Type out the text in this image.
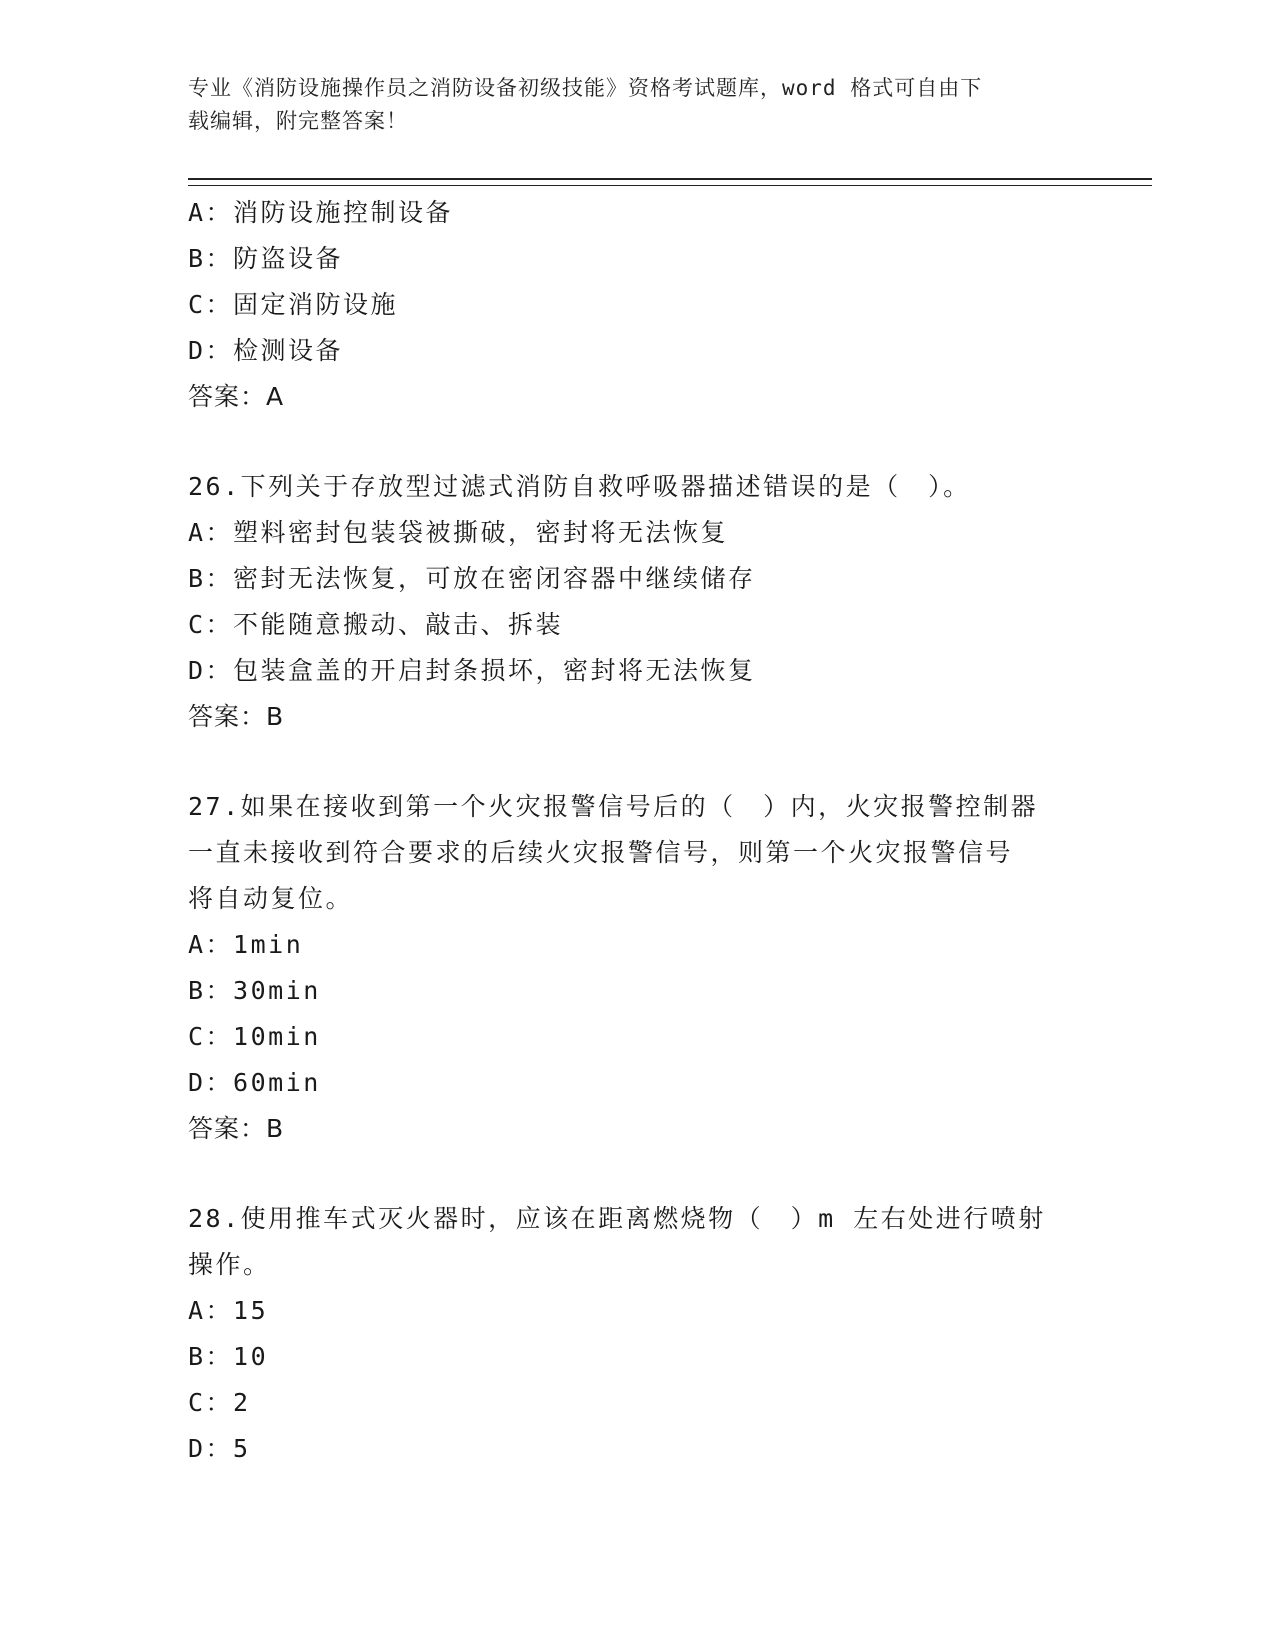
专业《消防设施操作员之消防设备初级技能》资格考试题库，word 格式可自由下
载编辑，附完整答案！

A：消防设施控制设备

B：防盗设备

C：固定消防设施

D：检测设备

答案：A

26.下列关于存放型过滤式消防自救呼吸器描述错误的是（　）。

A：塑料密封包装袋被撕破，密封将无法恢复

B：密封无法恢复，可放在密闭容器中继续储存

C：不能随意搬动、敲击、拆装

D：包装盒盖的开启封条损坏，密封将无法恢复

答案：B

27.如果在接收到第一个火灾报警信号后的（　）内，火灾报警控制器

一直未接收到符合要求的后续火灾报警信号，则第一个火灾报警信号

将自动复位。

A：1min

B：30min

C：10min

D：60min

答案：B

28.使用推车式灭火器时，应该在距离燃烧物（　）m 左右处进行喷射

操作。

A：15

B：10

C：2

D：5
